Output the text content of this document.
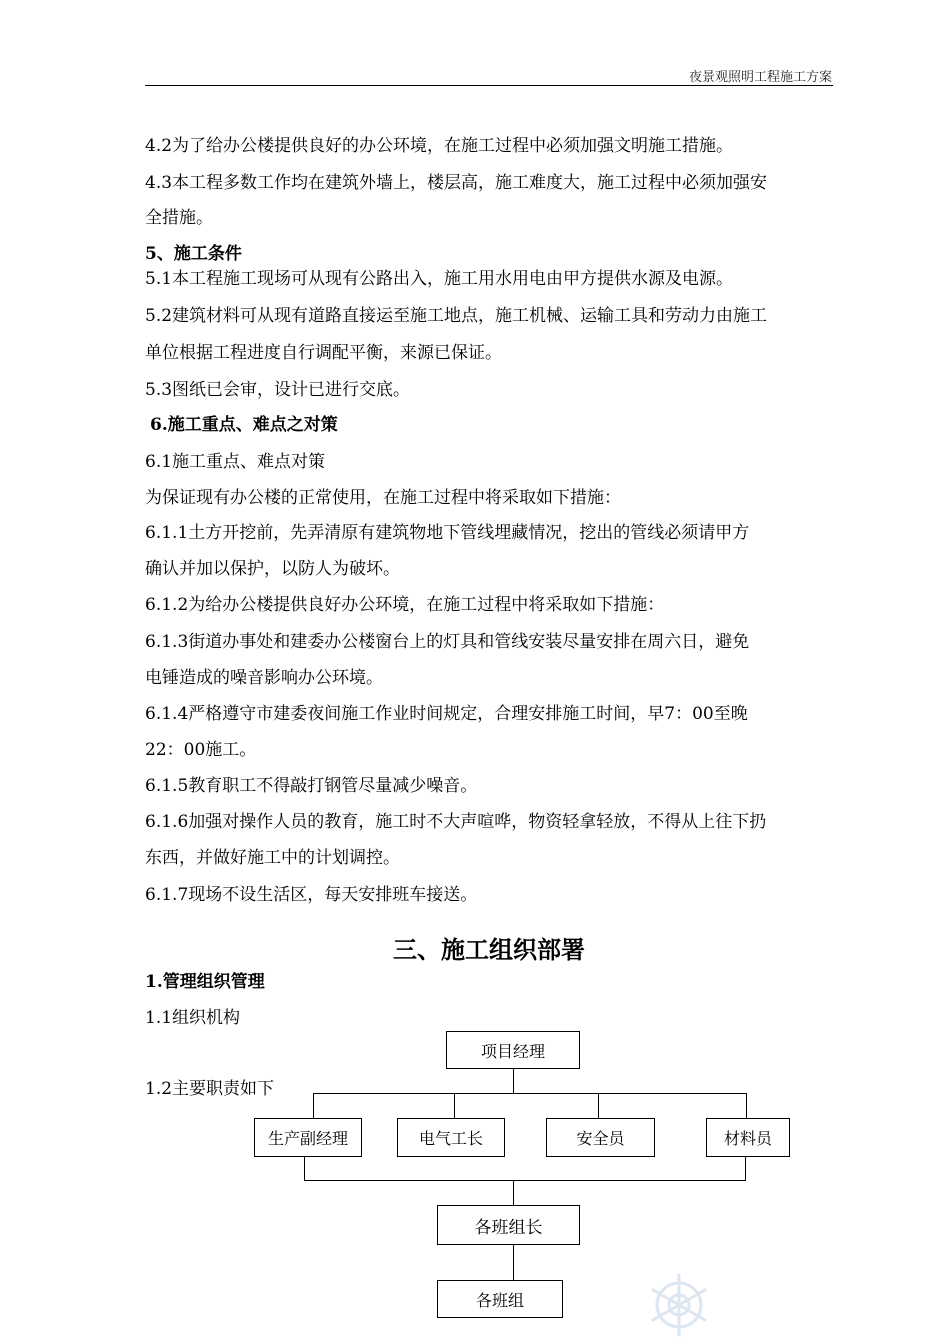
夜景观照明工程施工方案
4.2为了给办公楼提供良好的办公环境，在施工过程中必须加强文明施工措施。
4.3本工程多数工作均在建筑外墙上，楼层高，施工难度大，施工过程中必须加强安
全措施。
5、施工条件
5.1本工程施工现场可从现有公路出入，施工用水用电由甲方提供水源及电源。
5.2建筑材料可从现有道路直接运至施工地点，施工机械、运输工具和劳动力由施工
单位根据工程进度自行调配平衡，来源已保证。
5.3图纸已会审，设计已进行交底。
6.施工重点、难点之对策
6.1施工重点、难点对策
为保证现有办公楼的正常使用，在施工过程中将采取如下措施：
6.1.1土方开挖前，先弄清原有建筑物地下管线埋藏情况，挖出的管线必须请甲方
确认并加以保护，以防人为破坏。
6.1.2为给办公楼提供良好办公环境，在施工过程中将采取如下措施：
6.1.3街道办事处和建委办公楼窗台上的灯具和管线安装尽量安排在周六日，避免
电锤造成的噪音影响办公环境。
6.1.4严格遵守市建委夜间施工作业时间规定，合理安排施工时间，早7：00至晚
22：00施工。
6.1.5教育职工不得敲打钢管尽量减少噪音。
6.1.6加强对操作人员的教育，施工时不大声喧哗，物资轻拿轻放，不得从上往下扔
东西，并做好施工中的计划调控。
6.1.7现场不设生活区，每天安排班车接送。
三、施工组织部署
1.管理组织管理
1.1组织机构
1.2主要职责如下
项目经理
生产副经理	电气工长	安全员	材料员
各班组长
各班组
